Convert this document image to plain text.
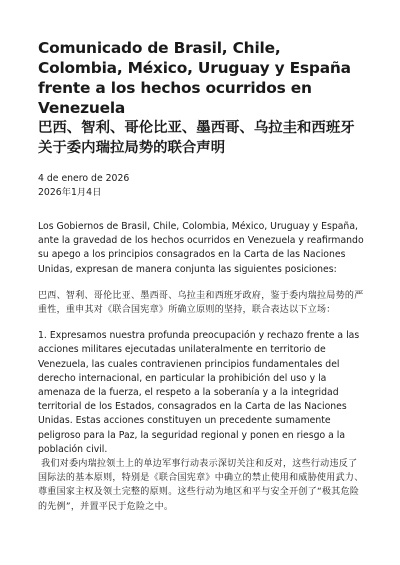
Comunicado de Brasil, Chile, Colombia, México, Uruguay y España frente a los hechos ocurridos en Venezuela
巴西、智利、哥伦比亚、墨西哥、乌拉圭和西班牙关于委内瑞拉局势的联合声明

4 de enero de 2026

2026年1月4日

Los Gobiernos de Brasil, Chile, Colombia, México, Uruguay y España, ante la gravedad de los hechos ocurridos en Venezuela y reafirmando su apego a los principios consagrados en la Carta de las Naciones Unidas, expresan de manera conjunta las siguientes posiciones:

巴西、智利、哥伦比亚、墨西哥、乌拉圭和西班牙政府，鉴于委内瑞拉局势的严重性，重申其对《联合国宪章》所确立原则的坚持，联合表达以下立场：

1. Expresamos nuestra profunda preocupación y rechazo frente a las acciones militares ejecutadas unilateralmente en territorio de Venezuela, las cuales contravienen principios fundamentales del derecho internacional, en particular la prohibición del uso y la amenaza de la fuerza, el respeto a la soberanía y a la integridad territorial de los Estados, consagrados en la Carta de las Naciones Unidas. Estas acciones constituyen un precedente sumamente peligroso para la Paz, la seguridad regional y ponen en riesgo a la población civil.

我们对委内瑞拉领土上的单边军事行动表示深切关注和反对，这些行动违反了国际法的基本原则，特别是《联合国宪章》中确立的禁止使用和威胁使用武力、尊重国家主权及领土完整的原则。这些行动为地区和平与安全开创了“极其危险的先例”，并置平民于危险之中。
